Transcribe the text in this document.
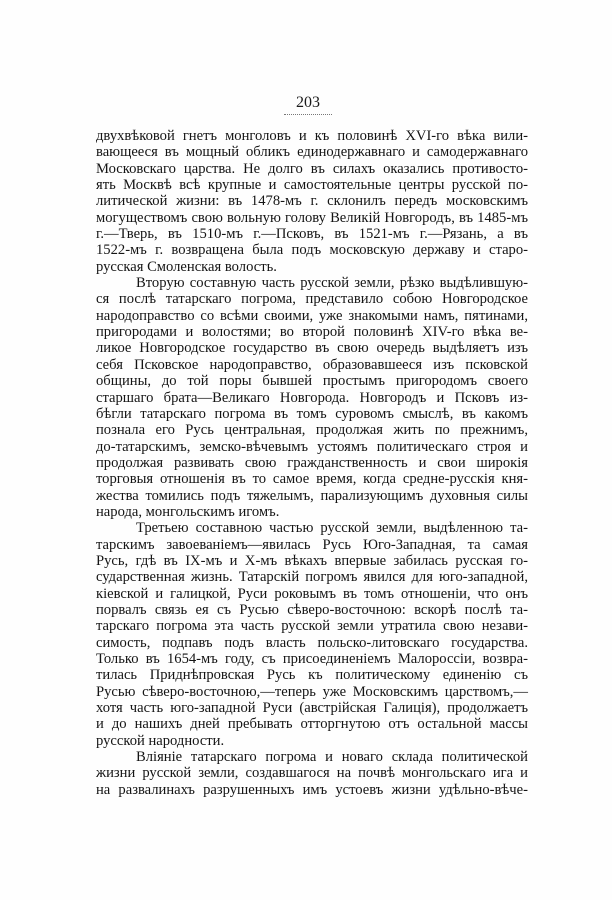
203
двухвѣковой гнетъ монголовъ и къ половинѣ XVI-го вѣка вили-
вающееся въ мощный обликъ единодержавнаго и самодержавнаго
Московскаго царства. Не долго въ силахъ оказались противосто-
ять Москвѣ всѣ крупные и самостоятельные центры русской по-
литической жизни: въ 1478-мъ г. склонилъ передъ московскимъ
могуществомъ свою вольную голову Великій Новгородъ, въ 1485-мъ
г.—Тверь, въ 1510-мъ г.—Псковъ, въ 1521-мъ г.—Рязань, а въ
1522-мъ г. возвращена была подъ московскую державу и старо-
русская Смоленская волость.
Вторую составную часть русской земли, рѣзко выдѣлившую-
ся послѣ татарскаго погрома, представило собою Новгородское
народоправство со всѣми своими, уже знакомыми намъ, пятинами,
пригородами и волостями; во второй половинѣ XIV-го вѣка ве-
ликое Новгородское государство въ свою очередь выдѣляетъ изъ
себя Псковское народоправство, образовавшееся изъ псковской
общины, до той поры бывшей простымъ пригородомъ своего
старшаго брата—Великаго Новгорода. Новгородъ и Псковъ из-
бѣгли татарскаго погрома въ томъ суровомъ смыслѣ, въ какомъ
познала его Русь центральная, продолжая жить по прежнимъ,
до-татарскимъ, земско-вѣчевымъ устоямъ политическаго строя и
продолжая развивать свою гражданственность и свои широкія
торговыя отношенія въ то самое время, когда средне-русскія кня-
жества томились подъ тяжелымъ, парализующимъ духовныя силы
народа, монгольскимъ игомъ.
Третьею составною частью русской земли, выдѣленною та-
тарскимъ завоеваніемъ—явилась Русь Юго-Западная, та самая
Русь, гдѣ въ IX-мъ и X-мъ вѣкахъ впервые забилась русская го-
сударственная жизнь. Татарскій погромъ явился для юго-западной,
кіевской и галицкой, Руси роковымъ въ томъ отношеніи, что онъ
порвалъ связь ея съ Русью сѣверо-восточною: вскорѣ послѣ та-
тарскаго погрома эта часть русской земли утратила свою незави-
симость, подпавъ подъ власть польско-литовскаго государства.
Только въ 1654-мъ году, съ присоединеніемъ Малороссіи, возвра-
тилась Приднѣпровская Русь къ политическому единенію съ
Русью сѣверо-восточною,—теперь уже Московскимъ царствомъ,—
хотя часть юго-западной Руси (австрійская Галиція), продолжаетъ
и до нашихъ дней пребывать отторгнутою отъ остальной массы
русской народности.
Вліяніе татарскаго погрома и новаго склада политической
жизни русской земли, создавшагося на почвѣ монгольскаго ига и
на развалинахъ разрушенныхъ имъ устоевъ жизни удѣльно-вѣче-
